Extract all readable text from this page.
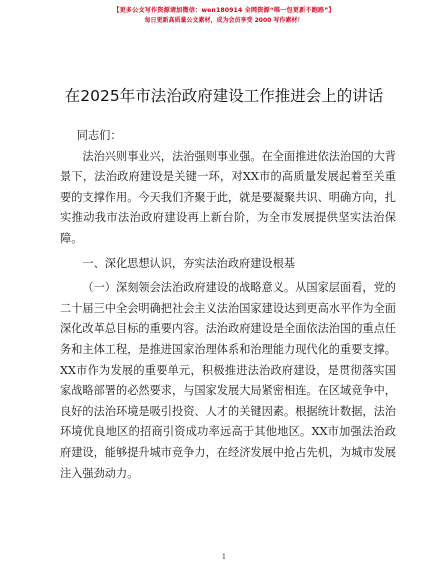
【更多公文写作资源请加微信：wen180914 全网资源“唯一包更新不跑路”】
每日更新高质量公文素材，成为会员享受 2000 写作素材！
在2025年市法治政府建设工作推进会上的讲话

同志们：

法治兴则事业兴，法治强则事业强。在全面推进依法治国的大背景下，法治政府建设是关键一环，对XX市的高质量发展起着至关重要的支撑作用。今天我们齐聚于此，就是要凝聚共识、明确方向，扎实推动我市法治政府建设再上新台阶，为全市发展提供坚实法治保障。

一、深化思想认识，夯实法治政府建设根基

（一）深刻领会法治政府建设的战略意义。从国家层面看，党的二十届三中全会明确把社会主义法治国家建设达到更高水平作为全面深化改革总目标的重要内容。法治政府建设是全面依法治国的重点任务和主体工程，是推进国家治理体系和治理能力现代化的重要支撑。XX市作为发展的重要单元，积极推进法治政府建设，是贯彻落实国家战略部署的必然要求，与国家发展大局紧密相连。在区域竞争中，良好的法治环境是吸引投资、人才的关键因素。根据统计数据，法治环境优良地区的招商引资成功率远高于其他地区。XX市加强法治政府建设，能够提升城市竞争力，在经济发展中抢占先机，为城市发展注入强劲动力。

1
